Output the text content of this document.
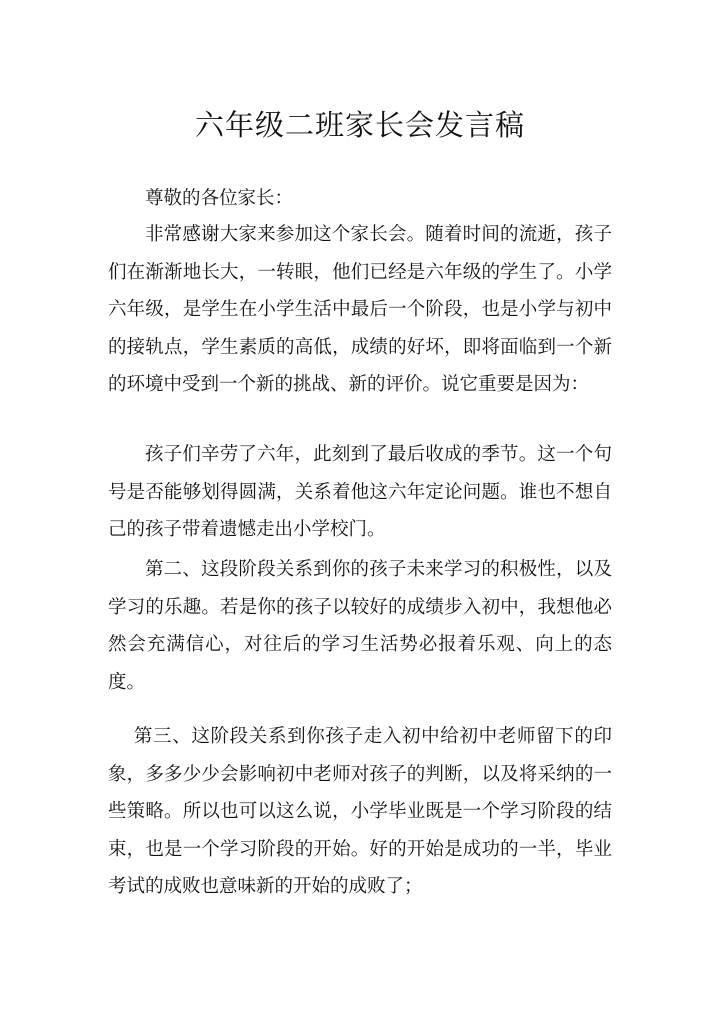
六年级二班家长会发言稿

尊敬的各位家长：

非常感谢大家来参加这个家长会。随着时间的流逝，孩子们在渐渐地长大，一转眼，他们已经是六年级的学生了。小学六年级，是学生在小学生活中最后一个阶段，也是小学与初中的接轨点，学生素质的高低，成绩的好坏，即将面临到一个新的环境中受到一个新的挑战、新的评价。说它重要是因为：

孩子们辛劳了六年，此刻到了最后收成的季节。这一个句号是否能够划得圆满，关系着他这六年定论问题。谁也不想自己的孩子带着遗憾走出小学校门。

第二、这段阶段关系到你的孩子未来学习的积极性，以及学习的乐趣。若是你的孩子以较好的成绩步入初中，我想他必然会充满信心，对往后的学习生活势必报着乐观、向上的态度。

第三、这阶段关系到你孩子走入初中给初中老师留下的印象，多多少少会影响初中老师对孩子的判断，以及将采纳的一些策略。所以也可以这么说，小学毕业既是一个学习阶段的结束，也是一个学习阶段的开始。好的开始是成功的一半，毕业考试的成败也意味新的开始的成败了；
